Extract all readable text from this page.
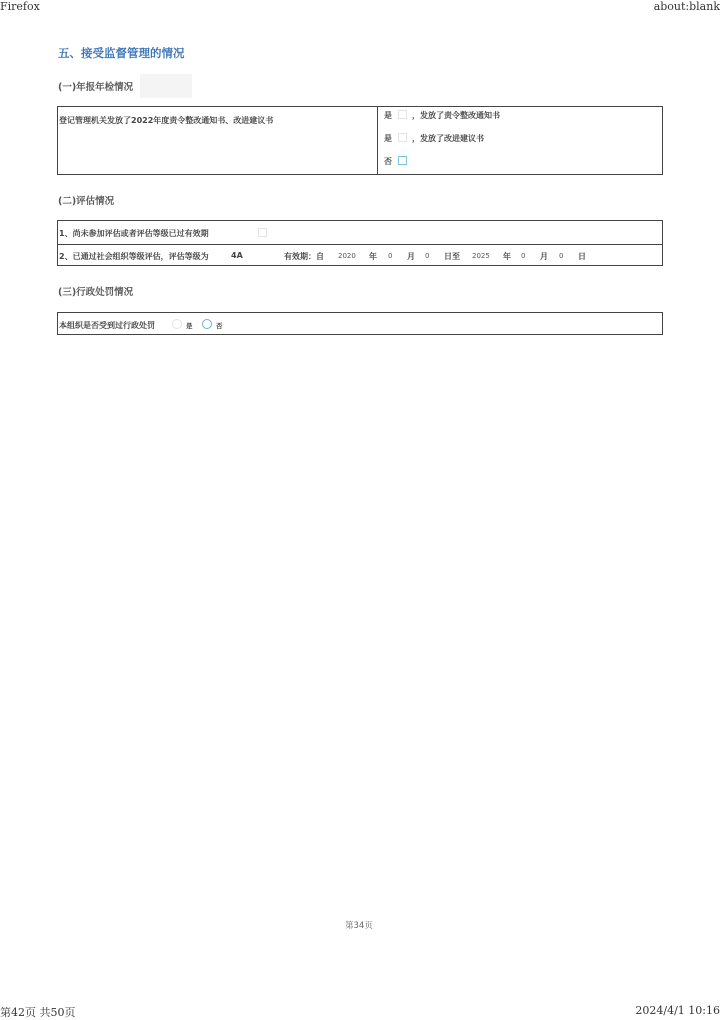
Firefox	about:blank
第42页 共50页	2024/4/1 10:16
五、接受监督管理的情况
(一)年报年检情况
登记管理机关发放了2022年度责令整改通知书、改进建议书
是	，发放了责令整改通知书
是	，发放了改进建议书
否
(二)评估情况
1、尚未参加评估或者评估等级已过有效期
2、已通过社会组织等级评估，评估等级为	4A	有效期：自 2020 年 0 月 0 日至 2025 年 0 月 0 日
(三)行政处罚情况
本组织是否受到过行政处罚	是	否
第34页
